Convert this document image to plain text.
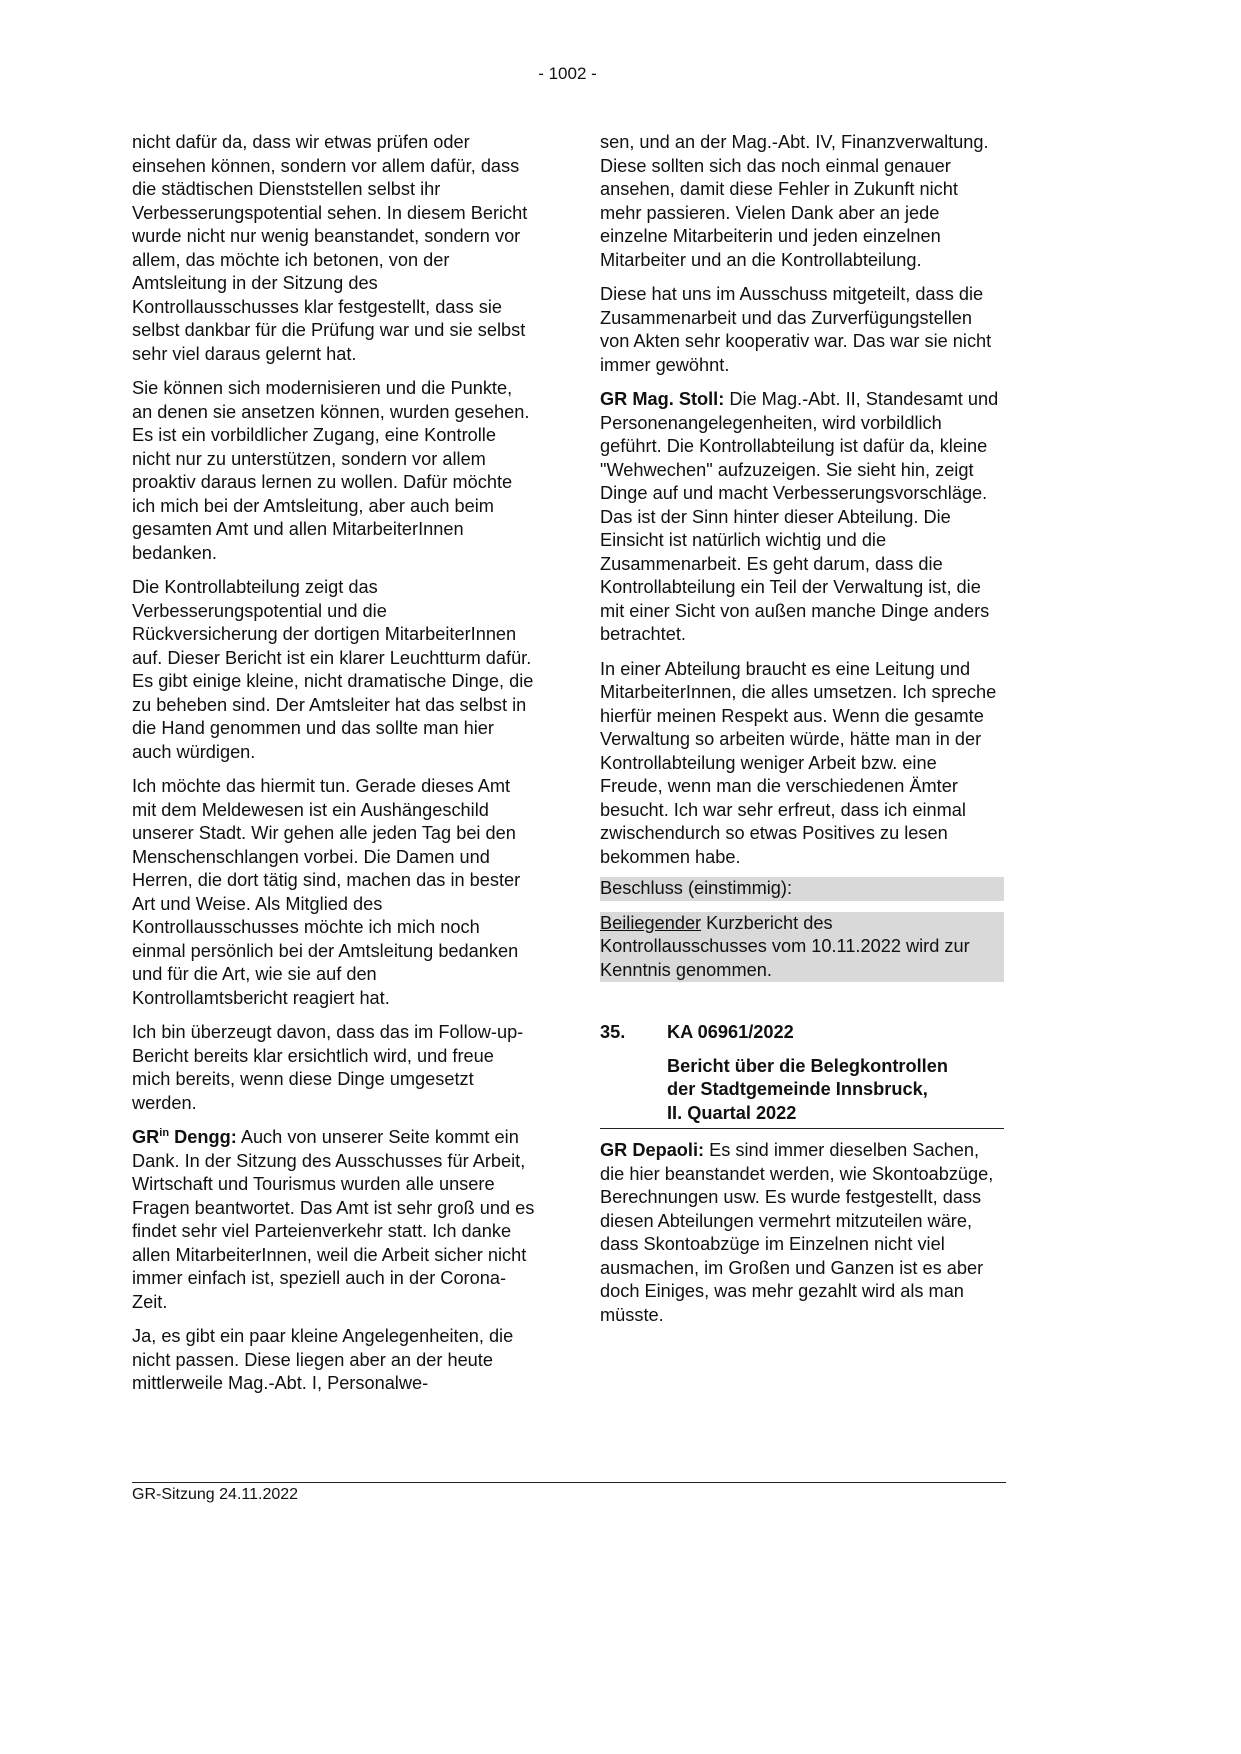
- 1002 -

nicht dafür da, dass wir etwas prüfen oder einsehen können, sondern vor allem dafür, dass die städtischen Dienststellen selbst ihr Verbesserungspotential sehen. In diesem Bericht wurde nicht nur wenig beanstandet, sondern vor allem, das möchte ich betonen, von der Amtsleitung in der Sitzung des Kontrollausschusses klar festgestellt, dass sie selbst dankbar für die Prüfung war und sie selbst sehr viel daraus gelernt hat.

Sie können sich modernisieren und die Punkte, an denen sie ansetzen können, wurden gesehen. Es ist ein vorbildlicher Zugang, eine Kontrolle nicht nur zu unterstützen, sondern vor allem proaktiv daraus lernen zu wollen. Dafür möchte ich mich bei der Amtsleitung, aber auch beim gesamten Amt und allen MitarbeiterInnen bedanken.

Die Kontrollabteilung zeigt das Verbesserungspotential und die Rückversicherung der dortigen MitarbeiterInnen auf. Dieser Bericht ist ein klarer Leuchtturm dafür. Es gibt einige kleine, nicht dramatische Dinge, die zu beheben sind. Der Amtsleiter hat das selbst in die Hand genommen und das sollte man hier auch würdigen.

Ich möchte das hiermit tun. Gerade dieses Amt mit dem Meldewesen ist ein Aushängeschild unserer Stadt. Wir gehen alle jeden Tag bei den Menschenschlangen vorbei. Die Damen und Herren, die dort tätig sind, machen das in bester Art und Weise. Als Mitglied des Kontrollausschusses möchte ich mich noch einmal persönlich bei der Amtsleitung bedanken und für die Art, wie sie auf den Kontrollamtsbericht reagiert hat.

Ich bin überzeugt davon, dass das im Follow-up-Bericht bereits klar ersichtlich wird, und freue mich bereits, wenn diese Dinge umgesetzt werden.

$GR^{in}$ Dengg: Auch von unserer Seite kommt ein Dank. In der Sitzung des Ausschusses für Arbeit, Wirtschaft und Tourismus wurden alle unsere Fragen beantwortet. Das Amt ist sehr groß und es findet sehr viel Parteienverkehr statt. Ich danke allen MitarbeiterInnen, weil die Arbeit sicher nicht immer einfach ist, speziell auch in der Corona-Zeit.

Ja, es gibt ein paar kleine Angelegenheiten, die nicht passen. Diese liegen aber an der heute mittlerweile Mag.-Abt. I, Personalwe-

sen, und an der Mag.-Abt. IV, Finanzverwaltung. Diese sollten sich das noch einmal genauer ansehen, damit diese Fehler in Zukunft nicht mehr passieren. Vielen Dank aber an jede einzelne Mitarbeiterin und jeden einzelnen Mitarbeiter und an die Kontrollabteilung.

Diese hat uns im Ausschuss mitgeteilt, dass die Zusammenarbeit und das Zurverfügungstellen von Akten sehr kooperativ war. Das war sie nicht immer gewöhnt.

GR Mag. Stoll: Die Mag.-Abt. II, Standesamt und Personenangelegenheiten, wird vorbildlich geführt. Die Kontrollabteilung ist dafür da, kleine "Wehwechen" aufzuzeigen. Sie sieht hin, zeigt Dinge auf und macht Verbesserungsvorschläge. Das ist der Sinn hinter dieser Abteilung. Die Einsicht ist natürlich wichtig und die Zusammenarbeit. Es geht darum, dass die Kontrollabteilung ein Teil der Verwaltung ist, die mit einer Sicht von außen manche Dinge anders betrachtet.

In einer Abteilung braucht es eine Leitung und MitarbeiterInnen, die alles umsetzen. Ich spreche hierfür meinen Respekt aus. Wenn die gesamte Verwaltung so arbeiten würde, hätte man in der Kontrollabteilung weniger Arbeit bzw. eine Freude, wenn man die verschiedenen Ämter besucht. Ich war sehr erfreut, dass ich einmal zwischendurch so etwas Positives zu lesen bekommen habe.

Beschluss (einstimmig):

Beiliegender Kurzbericht des Kontrollausschusses vom 10.11.2022 wird zur Kenntnis genommen.

35.	KA 06961/2022
Bericht über die Belegkontrollen
der Stadtgemeinde Innsbruck,
II. Quartal 2022

GR Depaoli: Es sind immer dieselben Sachen, die hier beanstandet werden, wie Skontoabzüge, Berechnungen usw. Es wurde festgestellt, dass diesen Abteilungen vermehrt mitzuteilen wäre, dass Skontoabzüge im Einzelnen nicht viel ausmachen, im Großen und Ganzen ist es aber doch Einiges, was mehr gezahlt wird als man müsste.

GR-Sitzung 24.11.2022
